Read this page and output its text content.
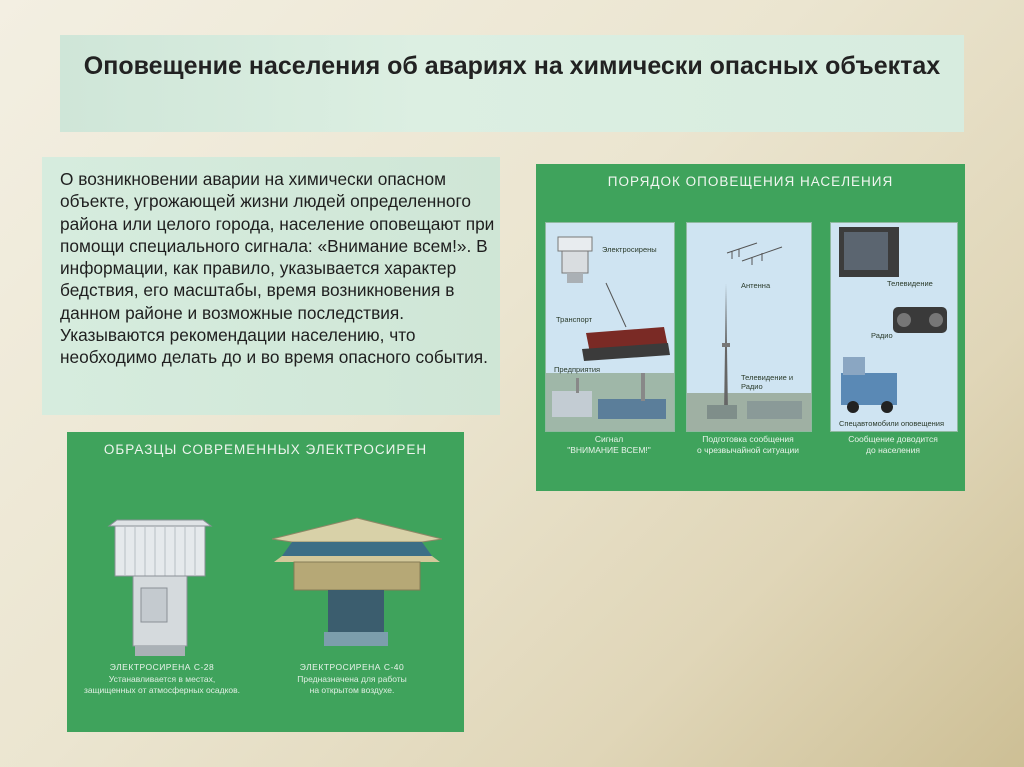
Оповещение населения об авариях на химически опасных объектах

О возникновении аварии на химически опасном объекте, угрожающей жизни людей определенного района или целого города, население оповещают при помощи специального сигнала: «Внимание всем!». В информации, как правило, указывается характер бедствия, его масштабы, время возникновения в данном районе и возможные последствия. Указываются рекомендации населению, что необходимо делать до и во время опасного события.

ПОРЯДОК ОПОВЕЩЕНИЯ НАСЕЛЕНИЯ
Электросирены
Транспорт
Предприятия
Сигнал
"ВНИМАНИЕ ВСЕМ!"
Антенна
Телевидение и Радио
Подготовка сообщения
о чрезвычайной ситуации
Телевидение
Радио
Спецавтомобили оповещения
Сообщение доводится
до населения
ОБРАЗЦЫ СОВРЕМЕННЫХ ЭЛЕКТРОСИРЕН
ЭЛЕКТРОСИРЕНА С-28
Устанавливается в местах,
защищенных от атмосферных осадков.
ЭЛЕКТРОСИРЕНА С-40
Предназначена для работы
на открытом воздухе.
